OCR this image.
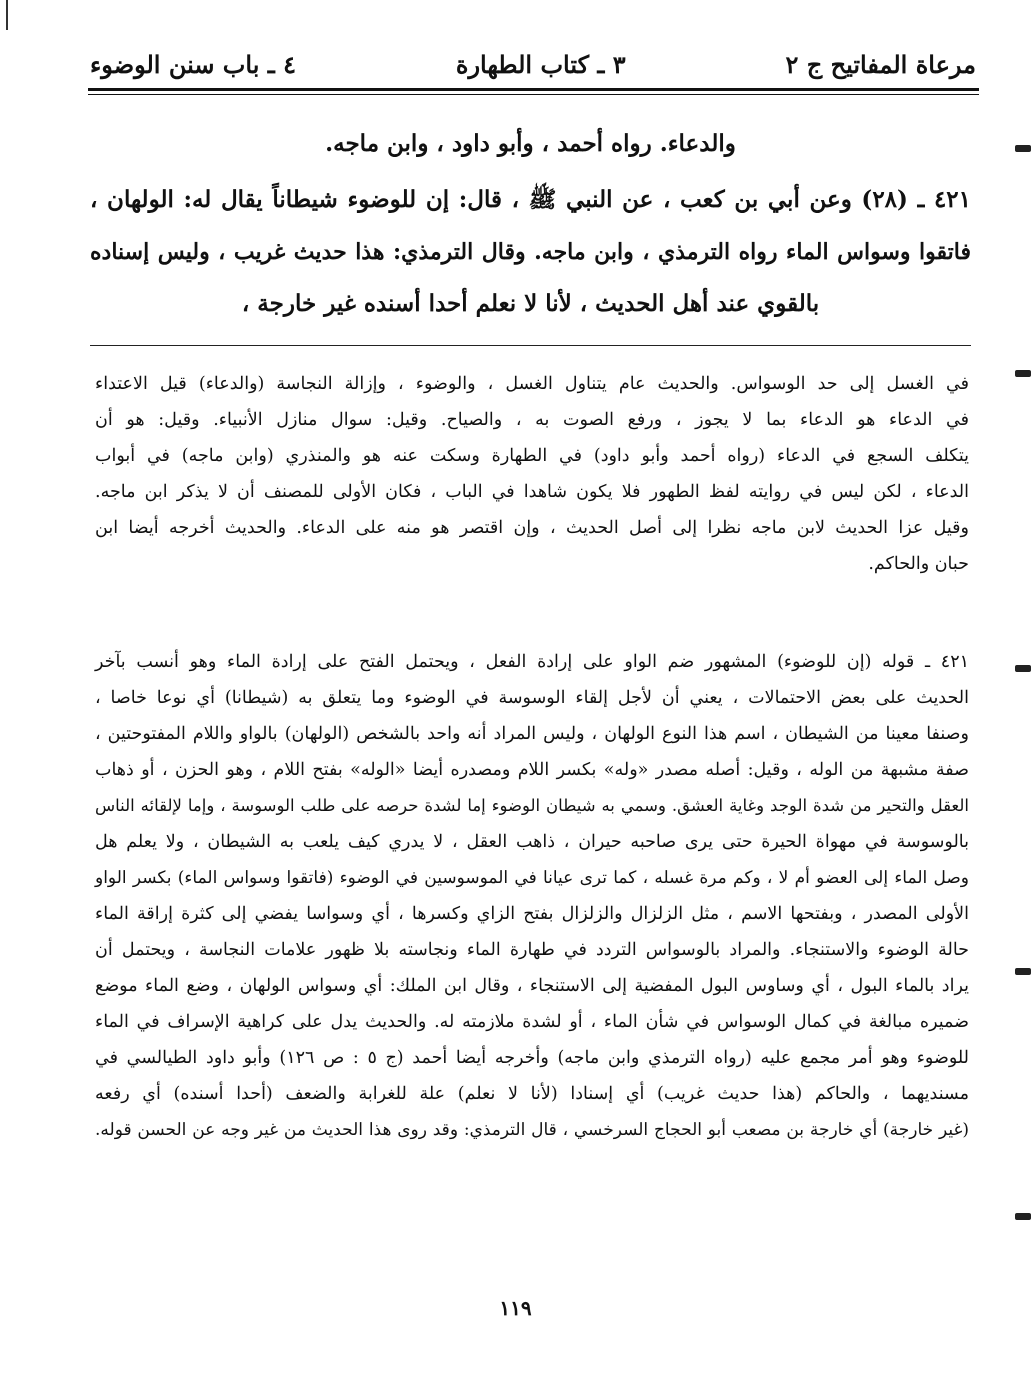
مرعاة المفاتيح ج ٢
٣ ـ كتاب الطهارة
٤ ـ باب سنن الوضوء
والدعاء. رواه أحمد ، وأبو داود ، وابن ماجه.
٤٢١ ـ (٢٨) وعن أبي بن كعب ، عن النبي ﷺ ، قال: إن للوضوء شيطاناً يقال له: الولهان ،
فاتقوا وسواس الماء رواه الترمذي ، وابن ماجه. وقال الترمذي: هذا حديث غريب ، وليس إسناده
بالقوي عند أهل الحديث ، لأنا لا نعلم أحدا أسنده غير خارجة ،
في الغسل إلى حد الوسواس. والحديث عام يتناول الغسل ، والوضوء ، وإزالة النجاسة (والدعاء) قيل الاعتداء
في الدعاء هو الدعاء بما لا يجوز ، ورفع الصوت به ، والصياح. وقيل: سوال منازل الأنبياء. وقيل: هو أن
يتكلف السجع في الدعاء (رواه أحمد وأبو داود) في الطهارة وسكت عنه هو والمنذري (وابن ماجه) في أبواب
الدعاء ، لكن ليس في روايته لفظ الطهور فلا يكون شاهدا في الباب ، فكان الأولى للمصنف أن لا يذكر ابن ماجه.
وقيل عزا الحديث لابن ماجه نظرا إلى أصل الحديث ، وإن اقتصر هو منه على الدعاء. والحديث أخرجه أيضا ابن
حبان والحاكم.
٤٢١ ـ قوله (إن للوضوء) المشهور ضم الواو على إرادة الفعل ، ويحتمل الفتح على إرادة الماء وهو أنسب بآخر
الحديث على بعض الاحتمالات ، يعني أن لأجل إلقاء الوسوسة في الوضوء وما يتعلق به (شيطانا) أي نوعا خاصا ،
وصنفا معينا من الشيطان ، اسم هذا النوع الولهان ، وليس المراد أنه واحد بالشخص (الولهان) بالواو واللام المفتوحتين ،
صفة مشبهة من الوله ، وقيل: أصله مصدر «وله» بكسر اللام ومصدره أيضا «الوله» بفتح اللام ، وهو الحزن ، أو ذهاب
العقل والتحير من شدة الوجد وغاية العشق. وسمي به شيطان الوضوء إما لشدة حرصه على طلب الوسوسة ، وإما لإلقائه الناس
بالوسوسة في مهواة الحيرة حتى يرى صاحبه حيران ، ذاهب العقل ، لا يدري كيف يلعب به الشيطان ، ولا يعلم هل
وصل الماء إلى العضو أم لا ، وكم مرة غسله ، كما ترى عيانا في الموسوسين في الوضوء (فاتقوا وسواس الماء) بكسر الواو
الأولى المصدر ، وبفتحها الاسم ، مثل الزلزال والزلزال بفتح الزاي وكسرها ، أي وسواسا يفضي إلى كثرة إراقة الماء
حالة الوضوء والاستنجاء. والمراد بالوسواس التردد في طهارة الماء ونجاسته بلا ظهور علامات النجاسة ، ويحتمل أن
يراد بالماء البول ، أي وساوس البول المفضية إلى الاستنجاء ، وقال ابن الملك: أي وسواس الولهان ، وضع الماء موضع
ضميره مبالغة في كمال الوسواس في شأن الماء ، أو لشدة ملازمته له. والحديث يدل على كراهية الإسراف في الماء
للوضوء وهو أمر مجمع عليه (رواه الترمذي وابن ماجه) وأخرجه أيضا أحمد (ج ٥ : ص ١٢٦) وأبو داود الطيالسي في
مسنديهما ، والحاكم (هذا حديث غريب) أي إسنادا (لأنا لا نعلم) علة للغرابة والضعف (أحدا أسنده) أي رفعه
(غير خارجة) أي خارجة بن مصعب أبو الحجاج السرخسي ، قال الترمذي: وقد روى هذا الحديث من غير وجه عن الحسن قوله.
١١٩
